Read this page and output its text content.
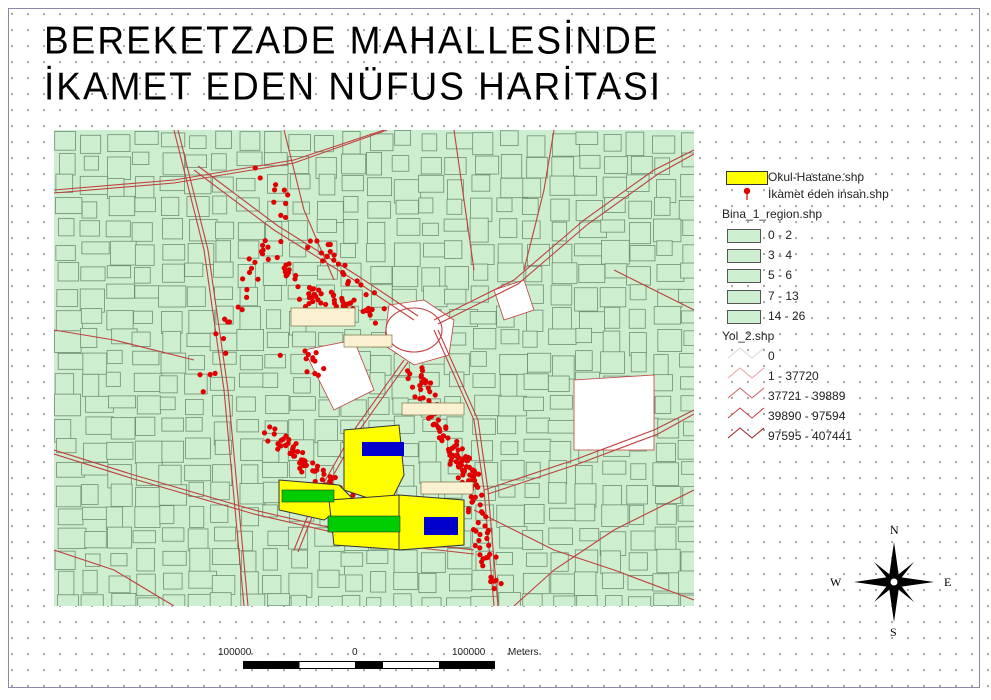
BEREKETZADE MAHALLESİNDE
İKAMET EDEN NÜFUS HARİTASI
Okul-Hastane.shp
İkamet eden insan.shp
Bina_1_region.shp
0 - 2
3 - 4
5 - 6
7 - 13
14 - 26
Yol_2.shp
0
1 - 37720
37721 - 39889
39890 - 97594
97595 - 407441
N
S
E
W
100000	0	100000 Meters
